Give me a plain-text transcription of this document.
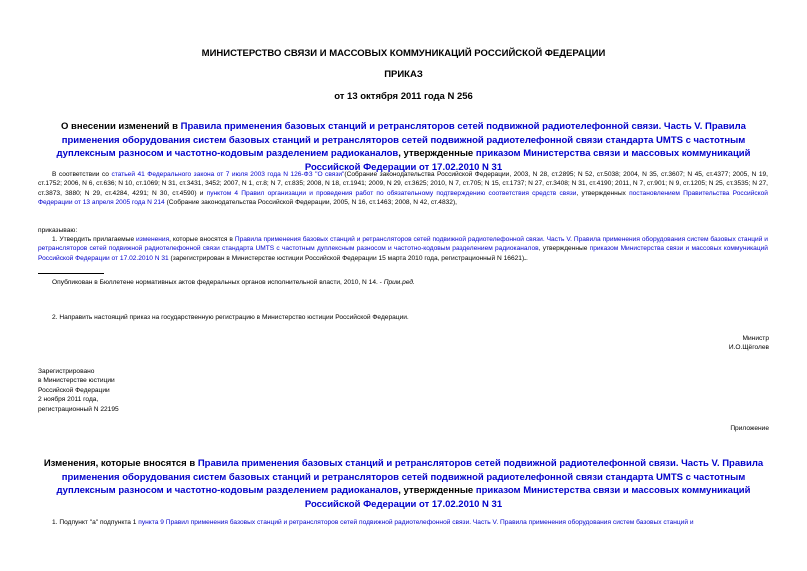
МИНИСТЕРСТВО СВЯЗИ И МАССОВЫХ КОММУНИКАЦИЙ РОССИЙСКОЙ ФЕДЕРАЦИИ
ПРИКАЗ
от 13 октября 2011 года N 256
О внесении изменений в Правила применения базовых станций и ретрансляторов сетей подвижной радиотелефонной связи. Часть V. Правила применения оборудования систем базовых станций и ретрансляторов сетей подвижной радиотелефонной связи стандарта UMTS с частотным дуплексным разносом и частотно-кодовым разделением радиоканалов, утвержденные приказом Министерства связи и массовых коммуникаций Российской Федерации от 17.02.2010 N 31
В соответствии со статьей 41 Федерального закона от 7 июля 2003 года N 126-ФЗ "О связи"(Собрание законодательства Российской Федерации, 2003, N 28, ст.2895; N 52, ст.5038; 2004, N 35, ст.3607; N 45, ст.4377; 2005, N 19, ст.1752; 2006, N 6, ст.636; N 10, ст.1069; N 31, ст.3431, 3452; 2007, N 1, ст.8; N 7, ст.835; 2008, N 18, ст.1941; 2009, N 29, ст.3625; 2010, N 7, ст.705; N 15, ст.1737; N 27, ст.3408; N 31, ст.4190; 2011, N 7, ст.901; N 9, ст.1205; N 25, ст.3535; N 27, ст.3873, 3880; N 29, ст.4284, 4291; N 30, ст.4590) и пунктом 4 Правил организации и проведения работ по обязательному подтверждению соответствия средств связи, утвержденных постановлением Правительства Российской Федерации от 13 апреля 2005 года N 214 (Собрание законодательства Российской Федерации, 2005, N 16, ст.1463; 2008, N 42, ст.4832),
приказываю:
1. Утвердить прилагаемые изменения, которые вносятся в Правила применения базовых станций и ретрансляторов сетей подвижной радиотелефонной связи. Часть V. Правила применения оборудования систем базовых станций и ретрансляторов сетей подвижной радиотелефонной связи стандарта UMTS с частотным дуплексным разносом и частотно-кодовым разделением радиоканалов, утвержденные приказом Министерства связи и массовых коммуникаций Российской Федерации от 17.02.2010 N 31 (зарегистрирован в Министерстве юстиции Российской Федерации 15 марта 2010 года, регистрационный N 16621)..
Опубликован в Бюллетене нормативных актов федеральных органов исполнительной власти, 2010, N 14. - Прим.ред.
2. Направить настоящий приказ на государственную регистрацию в Министерство юстиции Российской Федерации.
Министр
И.О.Щёголев
Зарегистрировано
в Министерстве юстиции
Российской Федерации
2 ноября 2011 года,
регистрационный N 22195
Приложение
Изменения, которые вносятся в Правила применения базовых станций и ретрансляторов сетей подвижной радиотелефонной связи. Часть V. Правила применения оборудования систем базовых станций и ретрансляторов сетей подвижной радиотелефонной связи стандарта UMTS с частотным дуплексным разносом и частотно-кодовым разделением радиоканалов, утвержденные приказом Министерства связи и массовых коммуникаций Российской Федерации от 17.02.2010 N 31
1. Подпункт "а" подпункта 1 пункта 9 Правил применения базовых станций и ретрансляторов сетей подвижной радиотелефонной связи. Часть V. Правила применения оборудования систем базовых станций и
